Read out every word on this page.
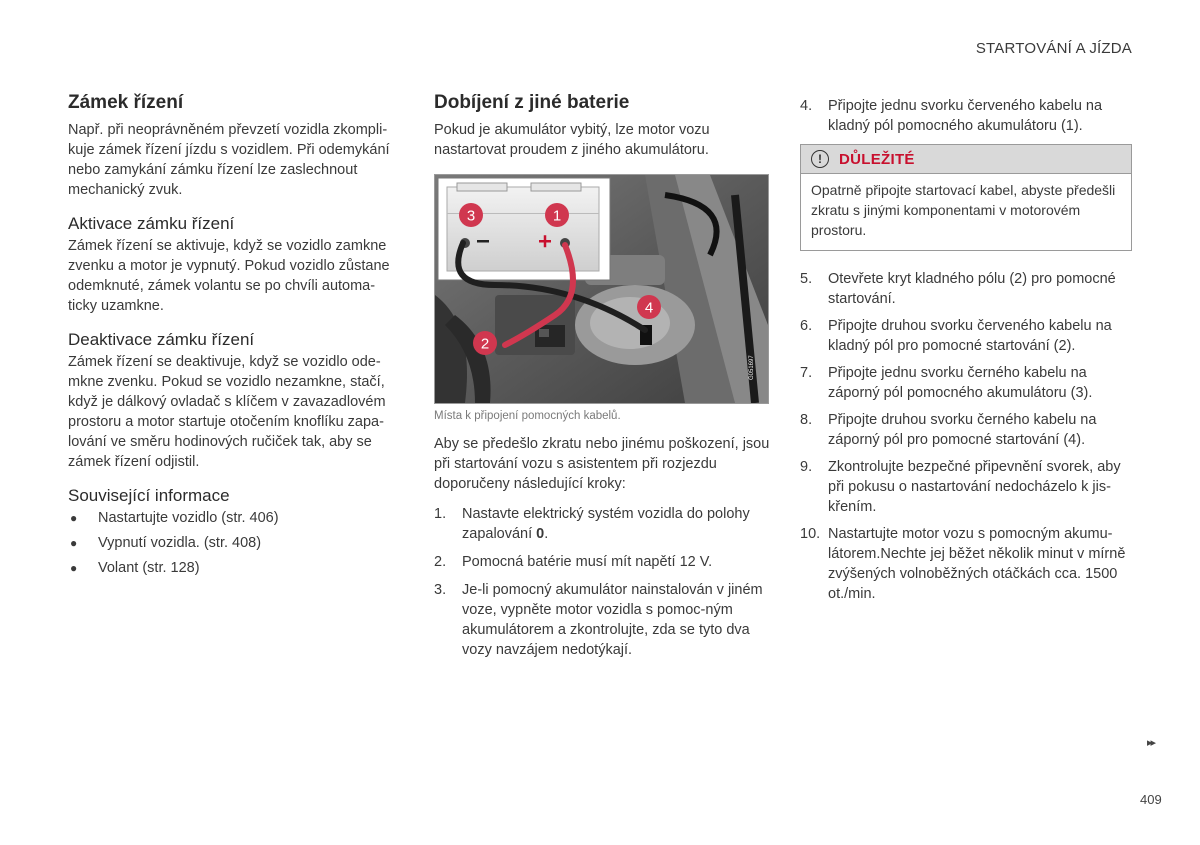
STARTOVÁNÍ A JÍZDA
Zámek řízení

Např. při neoprávněném převzetí vozidla zkompli-kuje zámek řízení jízdu s vozidlem. Při odemykání nebo zamykání zámku řízení lze zaslechnout mechanický zvuk.

Aktivace zámku řízení

Zámek řízení se aktivuje, když se vozidlo zamkne zvenku a motor je vypnutý. Pokud vozidlo zůstane odemknuté, zámek volantu se po chvíli automa-ticky uzamkne.

Deaktivace zámku řízení

Zámek řízení se deaktivuje, když se vozidlo ode-mkne zvenku. Pokud se vozidlo nezamkne, stačí, když je dálkový ovladač s klíčem v zavazadlovém prostoru a motor startuje otočením knoflíku zapa-lování ve směru hodinových ručiček tak, aby se zámek řízení odjistil.

Související informace
●	Nastartujte vozidlo (str. 406)
●	Vypnutí vozidla. (str. 408)
●	Volant (str. 128)
Dobíjení z jiné baterie

Pokud je akumulátor vybitý, lze motor vozu nastartovat proudem z jiného akumulátoru.

3	1
2
4
G051697
Místa k připojení pomocných kabelů.

Aby se předešlo zkratu nebo jinému poškození, jsou při startování vozu s asistentem při rozjezdu doporučeny následující kroky:

1.	Nastavte elektrický systém vozidla do polohy zapalování 0.
2.	Pomocná batérie musí mít napětí 12 V.
3.	Je-li pomocný akumulátor nainstalován v jiném voze, vypněte motor vozidla s pomoc-ným akumulátorem a zkontrolujte, zda se tyto dva vozy navzájem nedotýkají.
4.	Připojte jednu svorku červeného kabelu na kladný pól pomocného akumulátoru (1).
!	DŮLEŽITÉ
Opatrně připojte startovací kabel, abyste předešli zkratu s jinými komponentami v motorovém prostoru.
5.	Otevřete kryt kladného pólu (2) pro pomocné startování.
6.	Připojte druhou svorku červeného kabelu na kladný pól pro pomocné startování (2).
7.	Připojte jednu svorku černého kabelu na záporný pól pomocného akumulátoru (3).
8.	Připojte druhou svorku černého kabelu na záporný pól pro pomocné startování (4).
9.	Zkontrolujte bezpečné připevnění svorek, aby při pokusu o nastartování nedocházelo k jis-křením.
10. Nastartujte motor vozu s pomocným akumu-látorem.Nechte jej běžet několik minut v mírně zvýšených volnoběžných otáčkách cca. 1500 ot./min.
▸▸
409
